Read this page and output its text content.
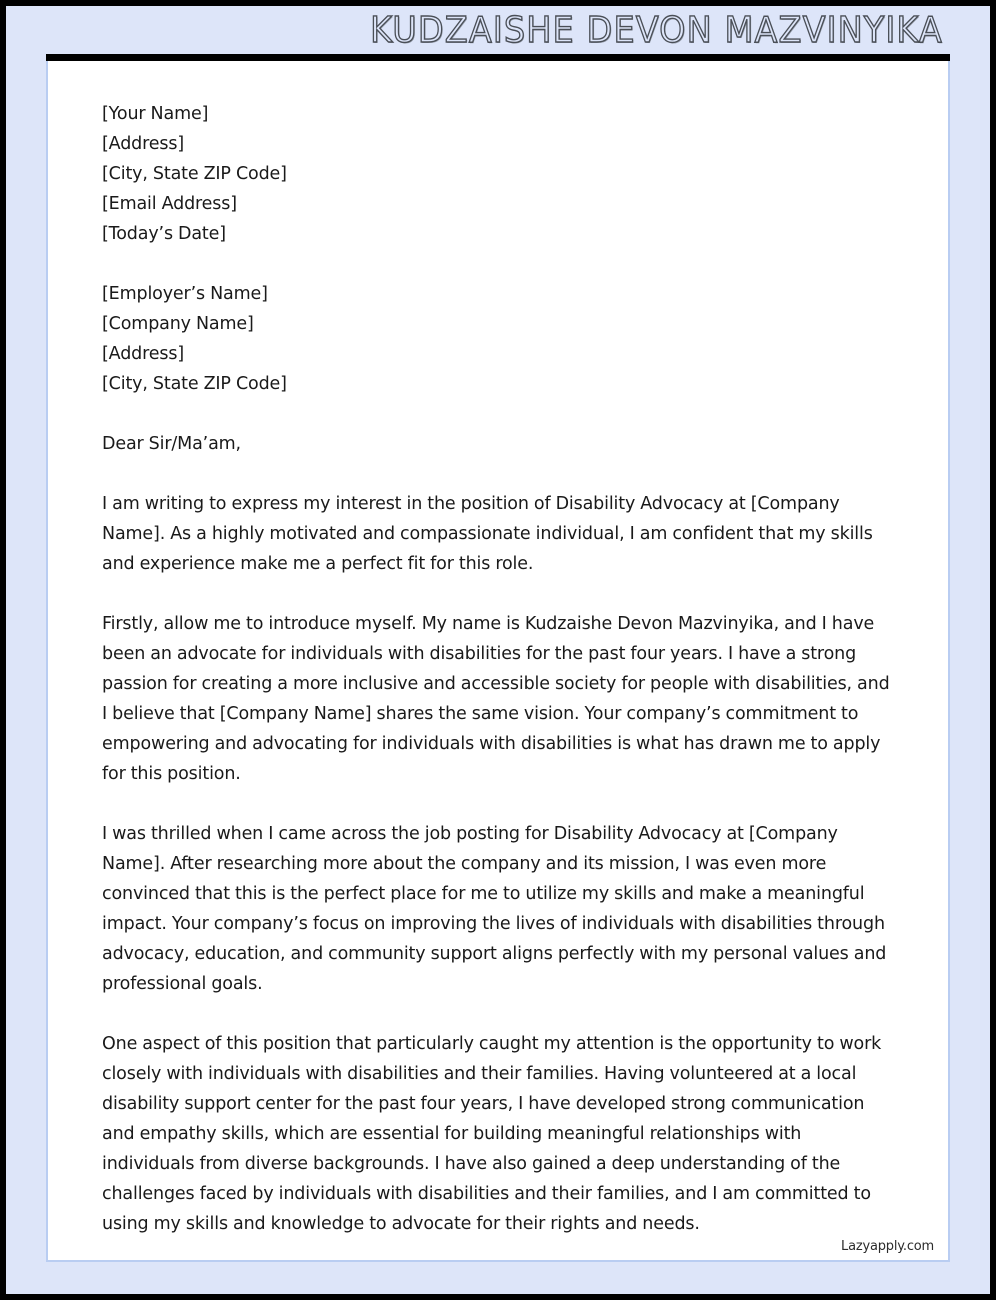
KUDZAISHE DEVON MAZVINYIKA
[Your Name]
[Address]
[City, State ZIP Code]
[Email Address]
[Today’s Date]
[Employer’s Name]
[Company Name]
[Address]
[City, State ZIP Code]
Dear Sir/Ma’am,

I am writing to express my interest in the position of Disability Advocacy at [Company Name]. As a highly motivated and compassionate individual, I am confident that my skills and experience make me a perfect fit for this role.

Firstly, allow me to introduce myself. My name is Kudzaishe Devon Mazvinyika, and I have been an advocate for individuals with disabilities for the past four years. I have a strong passion for creating a more inclusive and accessible society for people with disabilities, and I believe that [Company Name] shares the same vision. Your company’s commitment to empowering and advocating for individuals with disabilities is what has drawn me to apply for this position.

I was thrilled when I came across the job posting for Disability Advocacy at [Company Name]. After researching more about the company and its mission, I was even more convinced that this is the perfect place for me to utilize my skills and make a meaningful impact. Your company’s focus on improving the lives of individuals with disabilities through advocacy, education, and community support aligns perfectly with my personal values and professional goals.

One aspect of this position that particularly caught my attention is the opportunity to work closely with individuals with disabilities and their families. Having volunteered at a local disability support center for the past four years, I have developed strong communication and empathy skills, which are essential for building meaningful relationships with individuals from diverse backgrounds. I have also gained a deep understanding of the challenges faced by individuals with disabilities and their families, and I am committed to using my skills and knowledge to advocate for their rights and needs.

Lazyapply.com
